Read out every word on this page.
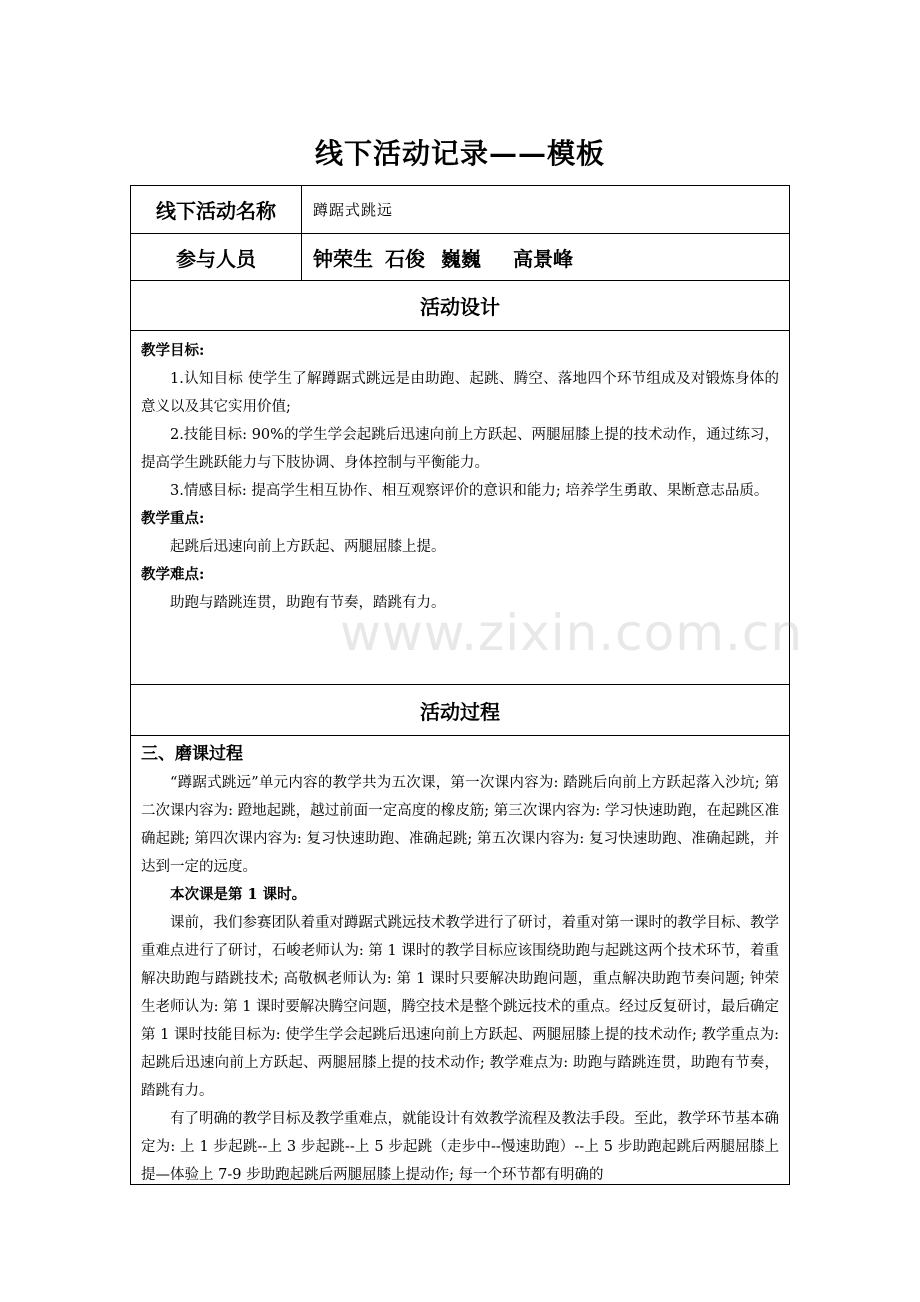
线下活动记录——模板
线下活动名称	蹲踞式跳远
参与人员	钟荣生 石俊 巍巍 高景峰
活动设计

教学目标:

1.认知目标 使学生了解蹲踞式跳远是由助跑、起跳、腾空、落地四个环节组成及对锻炼身体的意义以及其它实用价值;

2.技能目标: 90%的学生学会起跳后迅速向前上方跃起、两腿屈膝上提的技术动作，通过练习，提高学生跳跃能力与下肢协调、身体控制与平衡能力。

3.情感目标: 提高学生相互协作、相互观察评价的意识和能力; 培养学生勇敢、果断意志品质。

教学重点:

起跳后迅速向前上方跃起、两腿屈膝上提。

教学难点:

助跑与踏跳连贯，助跑有节奏，踏跳有力。

活动过程

三、磨课过程

“蹲踞式跳远”单元内容的教学共为五次课，第一次课内容为: 踏跳后向前上方跃起落入沙坑; 第二次课内容为: 蹬地起跳，越过前面一定高度的橡皮筋; 第三次课内容为: 学习快速助跑，在起跳区准确起跳; 第四次课内容为: 复习快速助跑、准确起跳; 第五次课内容为: 复习快速助跑、准确起跳，并达到一定的远度。

本次课是第 1 课时。

课前，我们参赛团队着重对蹲踞式跳远技术教学进行了研讨，着重对第一课时的教学目标、教学重难点进行了研讨，石峻老师认为: 第 1 课时的教学目标应该围绕助跑与起跳这两个技术环节，着重解决助跑与踏跳技术; 高敬枫老师认为: 第 1 课时只要解决助跑问题，重点解决助跑节奏问题; 钟荣生老师认为: 第 1 课时要解决腾空问题，腾空技术是整个跳远技术的重点。经过反复研讨，最后确定第 1 课时技能目标为: 使学生学会起跳后迅速向前上方跃起、两腿屈膝上提的技术动作; 教学重点为: 起跳后迅速向前上方跃起、两腿屈膝上提的技术动作; 教学难点为: 助跑与踏跳连贯，助跑有节奏，踏跳有力。

有了明确的教学目标及教学重难点，就能设计有效教学流程及教法手段。至此，教学环节基本确定为: 上 1 步起跳--上 3 步起跳--上 5 步起跳（走步中--慢速助跑）--上 5 步助跑起跳后两腿屈膝上提—体验上 7-9 步助跑起跳后两腿屈膝上提动作; 每一个环节都有明确的

www.zixin.com.cn
